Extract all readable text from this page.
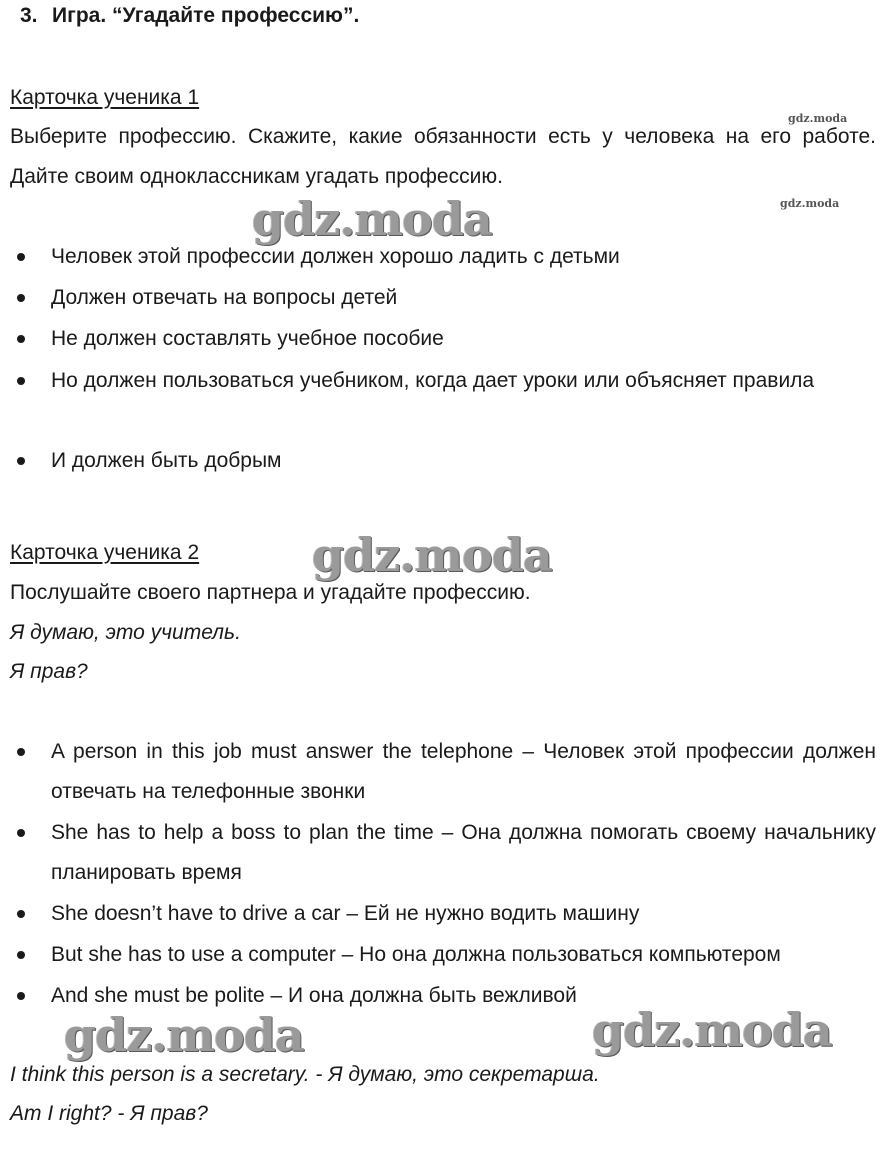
3. Игра. “Угадайте профессию”.
Карточка ученика 1
Выберите профессию. Скажите, какие обязанности есть у человека на его работе. Дайте своим одноклассникам угадать профессию.
Человек этой профессии должен хорошо ладить с детьми
Должен отвечать на вопросы детей
Не должен составлять учебное пособие
Но должен пользоваться учебником, когда дает уроки или объясняет правила
И должен быть добрым
Карточка ученика 2
Послушайте своего партнера и угадайте профессию.
Я думаю, это учитель.
Я прав?
A person in this job must answer the telephone – Человек этой профессии должен отвечать на телефонные звонки
She has to help a boss to plan the time – Она должна помогать своему начальнику планировать время
She doesn’t have to drive a car – Ей не нужно водить машину
But she has to use a computer – Но она должна пользоваться компьютером
And she must be polite – И она должна быть вежливой
I think this person is a secretary. - Я думаю, это секретарша.
Am I right? - Я прав?
gdz.moda
gdz.moda
gdz.moda
gdz.moda
gdz.moda	gdz.moda
